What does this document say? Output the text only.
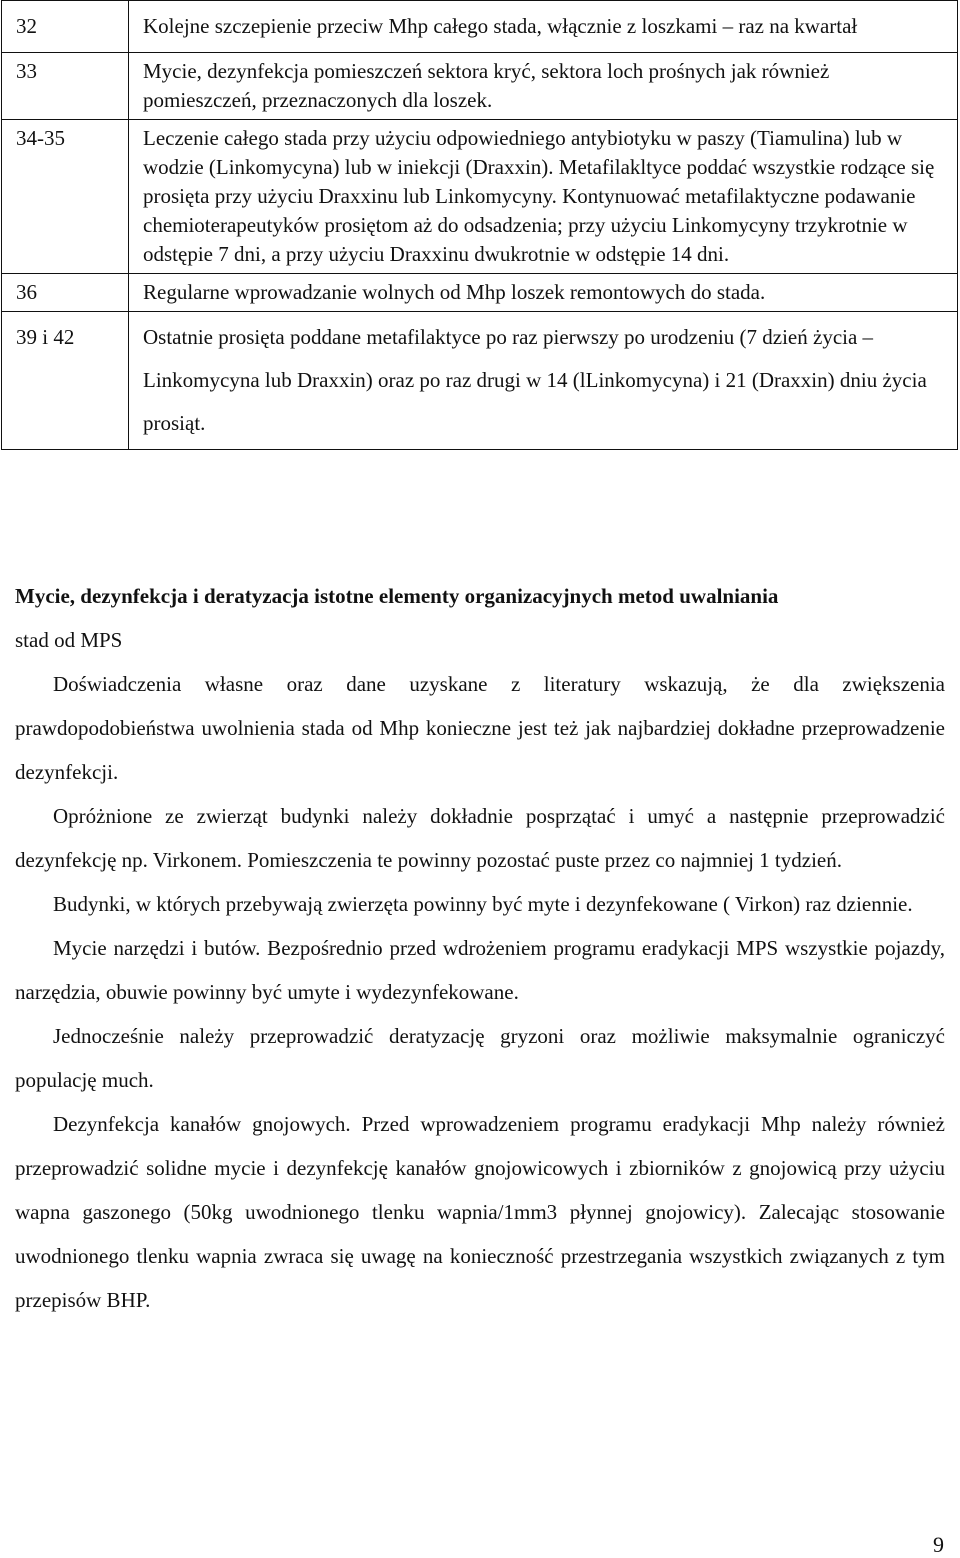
32	Kolejne szczepienie przeciw Mhp całego stada, włącznie z loszkami – raz na kwartał
33	Mycie, dezynfekcja pomieszczeń sektora kryć, sektora loch prośnych jak również pomieszczeń, przeznaczonych dla loszek.
34-35	Leczenie całego stada przy użyciu odpowiedniego antybiotyku w paszy (Tiamulina) lub w wodzie (Linkomycyna) lub w iniekcji (Draxxin). Metafilakltyce poddać wszystkie rodzące się prosięta przy użyciu Draxxinu lub Linkomycyny. Kontynuować metafilaktyczne podawanie chemioterapeutyków prosiętom aż do odsadzenia; przy użyciu Linkomycyny trzykrotnie w odstępie 7 dni, a przy użyciu Draxxinu dwukrotnie w odstępie 14 dni.
36	Regularne wprowadzanie wolnych od Mhp loszek remontowych do stada.
39 i 42	Ostatnie prosięta poddane metafilaktyce po raz pierwszy po urodzeniu (7 dzień życia – Linkomycyna lub Draxxin) oraz po raz drugi w 14 (lLinkomycyna) i 21 (Draxxin) dniu życia prosiąt.

Mycie, dezynfekcja i deratyzacja istotne elementy organizacyjnych metod uwalniania
stad od MPS

Doświadczenia własne oraz dane uzyskane z literatury wskazują, że dla zwiększenia prawdopodobieństwa uwolnienia stada od Mhp konieczne jest też jak najbardziej dokładne przeprowadzenie dezynfekcji.

Opróżnione ze zwierząt budynki należy dokładnie posprzątać i umyć a następnie przeprowadzić dezynfekcję np. Virkonem. Pomieszczenia te powinny pozostać puste przez co najmniej 1 tydzień.

Budynki, w których przebywają zwierzęta powinny być myte i dezynfekowane ( Virkon) raz dziennie.

Mycie narzędzi i butów. Bezpośrednio przed wdrożeniem programu eradykacji MPS wszystkie pojazdy, narzędzia, obuwie powinny być umyte i wydezynfekowane.

Jednocześnie należy przeprowadzić deratyzację gryzoni oraz możliwie maksymalnie ograniczyć populację much.

Dezynfekcja kanałów gnojowych. Przed wprowadzeniem programu eradykacji Mhp należy również przeprowadzić solidne mycie i dezynfekcję kanałów gnojowicowych i zbiorników z gnojowicą przy użyciu wapna gaszonego (50kg uwodnionego tlenku wapnia/1mm3 płynnej gnojowicy). Zalecając stosowanie uwodnionego tlenku wapnia zwraca się uwagę na konieczność przestrzegania wszystkich związanych z tym przepisów BHP.

9
